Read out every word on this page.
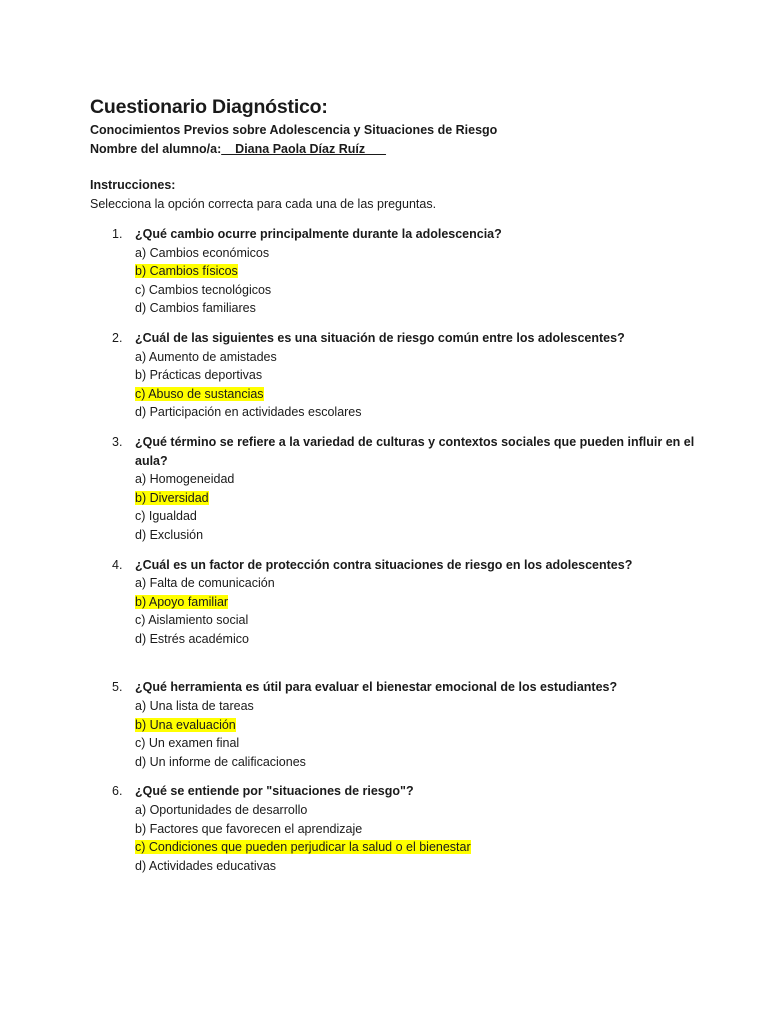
Cuestionario Diagnóstico:
Conocimientos Previos sobre Adolescencia y Situaciones de Riesgo
Nombre del alumno/a:__Diana Paola Díaz Ruíz___
Instrucciones:
Selecciona la opción correcta para cada una de las preguntas.
1. ¿Qué cambio ocurre principalmente durante la adolescencia?
a) Cambios económicos
b) Cambios físicos
c) Cambios tecnológicos
d) Cambios familiares
2. ¿Cuál de las siguientes es una situación de riesgo común entre los adolescentes?
a) Aumento de amistades
b) Prácticas deportivas
c) Abuso de sustancias
d) Participación en actividades escolares
3. ¿Qué término se refiere a la variedad de culturas y contextos sociales que pueden influir en el aula?
a) Homogeneidad
b) Diversidad
c) Igualdad
d) Exclusión
4. ¿Cuál es un factor de protección contra situaciones de riesgo en los adolescentes?
a) Falta de comunicación
b) Apoyo familiar
c) Aislamiento social
d) Estrés académico
5. ¿Qué herramienta es útil para evaluar el bienestar emocional de los estudiantes?
a) Una lista de tareas
b) Una evaluación
c) Un examen final
d) Un informe de calificaciones
6. ¿Qué se entiende por "situaciones de riesgo"?
a) Oportunidades de desarrollo
b) Factores que favorecen el aprendizaje
c) Condiciones que pueden perjudicar la salud o el bienestar
d) Actividades educativas
